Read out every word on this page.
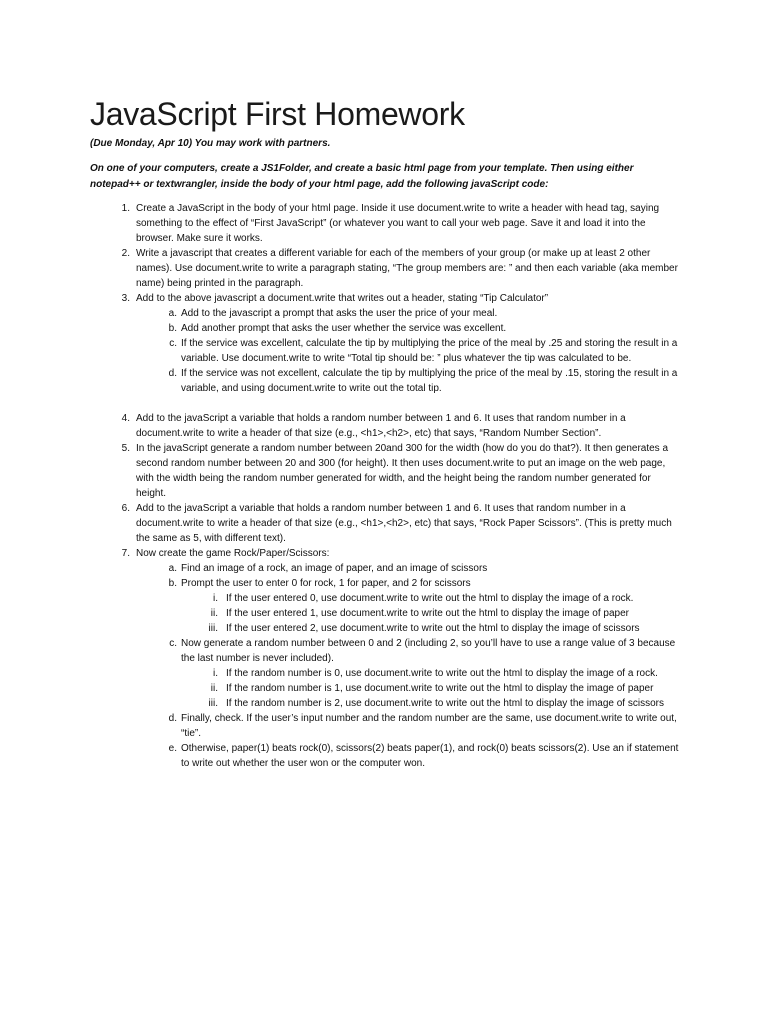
JavaScript First Homework

(Due Monday, Apr 10) You may work with partners.

On one of your computers, create a JS1Folder, and create a basic html page from your template. Then using either notepad++ or textwrangler, inside the body of your html page, add the following javaScript code:

1. Create a JavaScript in the body of your html page. Inside it use document.write to write a header with head tag, saying something to the effect of “First JavaScript” (or whatever you want to call your web page. Save it and load it into the browser. Make sure it works.
2. Write a javascript that creates a different variable for each of the members of your group (or make up at least 2 other names). Use document.write to write a paragraph stating, “The group members are: ” and then each variable (aka member name) being printed in the paragraph.
3. Add to the above javascript a document.write that writes out a header, stating “Tip Calculator”
a. Add to the javascript a prompt that asks the user the price of your meal.
b. Add another prompt that asks the user whether the service was excellent.
c. If the service was excellent, calculate the tip by multiplying the price of the meal by .25 and storing the result in a variable. Use document.write to write “Total tip should be: ” plus whatever the tip was calculated to be.
d. If the service was not excellent, calculate the tip by multiplying the price of the meal by .15, storing the result in a variable, and using document.write to write out the total tip.
4. Add to the javaScript a variable that holds a random number between 1 and 6. It uses that random number in a document.write to write a header of that size (e.g., <h1>,<h2>, etc) that says, “Random Number Section”.
5. In the javaScript generate a random number between 20and 300 for the width (how do you do that?). It then generates a second random number between 20 and 300 (for height). It then uses document.write to put an image on the web page, with the width being the random number generated for width, and the height being the random number generated for height.
6. Add to the javaScript a variable that holds a random number between 1 and 6. It uses that random number in a document.write to write a header of that size (e.g., <h1>,<h2>, etc) that says, “Rock Paper Scissors”. (This is pretty much the same as 5, with different text).
7. Now create the game Rock/Paper/Scissors:
a. Find an image of a rock, an image of paper, and an image of scissors
b. Prompt the user to enter 0 for rock, 1 for paper, and 2 for scissors
i. If the user entered 0, use document.write to write out the html to display the image of a rock.
ii. If the user entered 1, use document.write to write out the html to display the image of paper
iii. If the user entered 2, use document.write to write out the html to display the image of scissors
c. Now generate a random number between 0 and 2 (including 2, so you’ll have to use a range value of 3 because the last number is never included).
i. If the random number is 0, use document.write to write out the html to display the image of a rock.
ii. If the random number is 1, use document.write to write out the html to display the image of paper
iii. If the random number is 2, use document.write to write out the html to display the image of scissors
d. Finally, check. If the user’s input number and the random number are the same, use document.write to write out, “tie”.
e. Otherwise, paper(1) beats rock(0), scissors(2) beats paper(1), and rock(0) beats scissors(2). Use an if statement to write out whether the user won or the computer won.
